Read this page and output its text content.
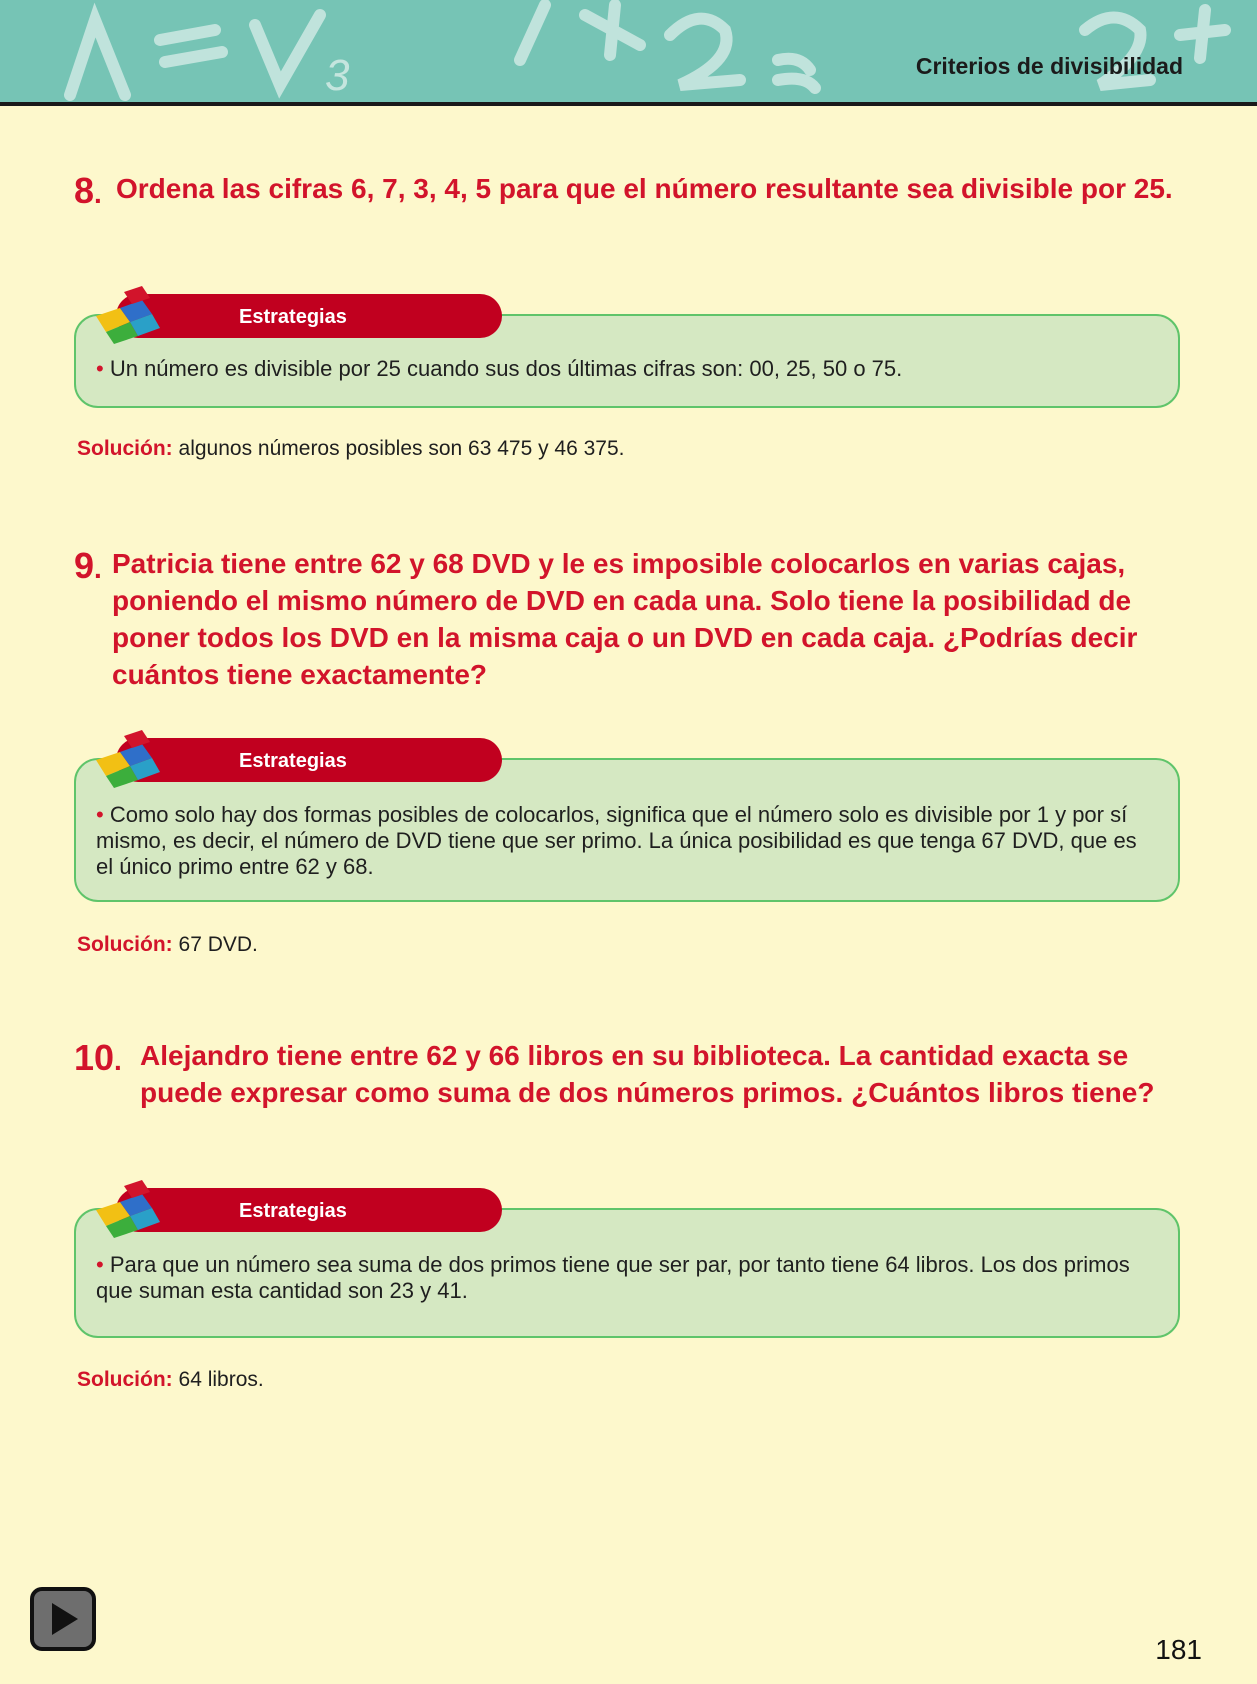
3	Criterios de divisibilidad
8. Ordena las cifras 6, 7, 3, 4, 5 para que el número resultante sea divisible por 25.
• Un número es divisible por 25 cuando sus dos últimas cifras son: 00, 25, 50 o 75.
Estrategias
Solución: algunos números posibles son 63 475 y 46 375.
9. Patricia tiene entre 62 y 68 DVD y le es imposible colocarlos en varias cajas, poniendo el mismo número de DVD en cada una. Solo tiene la posibilidad de poner todos los DVD en la misma caja o un DVD en cada caja. ¿Podrías decir cuántos tiene exactamente?
• Como solo hay dos formas posibles de colocarlos, significa que el número solo es divisible por 1 y por sí mismo, es decir, el número de DVD tiene que ser primo. La única posibilidad es que tenga 67 DVD, que es el único primo entre 62 y 68.
Estrategias
Solución: 67 DVD.
10. Alejandro tiene entre 62 y 66 libros en su biblioteca. La cantidad exacta se puede expresar como suma de dos números primos. ¿Cuántos libros tiene?
• Para que un número sea suma de dos primos tiene que ser par, por tanto tiene 64 libros. Los dos primos que suman esta cantidad son 23 y 41.
Estrategias
Solución: 64 libros.
181
